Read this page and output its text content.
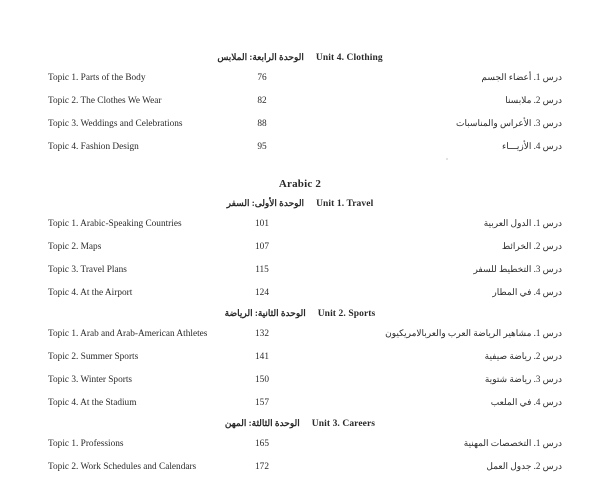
الوحدة الرابعة: الملابس Unit 4. Clothing
Topic 1. Parts of the Body	76	درس 1. أعضاء الجسم
Topic 2. The Clothes We Wear	82	درس 2. ملابسنا
Topic 3. Weddings and Celebrations	88	درس 3. الأعراس والمناسبات
Topic 4. Fashion Design	95	درس 4. الأزيـــاء
Arabic 2
الوحدة الأولى: السفر Unit 1. Travel
Topic 1. Arabic-Speaking Countries	101	درس 1. الدول العربية
Topic 2. Maps	107	درس 2. الخرائط
Topic 3. Travel Plans	115	درس 3. التخطيط للسفر
Topic 4. At the Airport	124	درس 4. في المطار
الوحدة الثانية: الرياضة Unit 2. Sports
Topic 1. Arab and Arab-American Athletes	132	درس 1. مشاهير الرياضة العرب والعربالامريكيون
Topic 2. Summer Sports	141	درس 2. رياضة صيفية
Topic 3. Winter Sports	150	درس 3. رياضة شتوية
Topic 4. At the Stadium	157	درس 4. في الملعب
الوحدة الثالثة: المهن Unit 3. Careers
Topic 1. Professions	165	درس 1. التخصصات المهنية
Topic 2. Work Schedules and Calendars	172	درس 2. جدول العمل
